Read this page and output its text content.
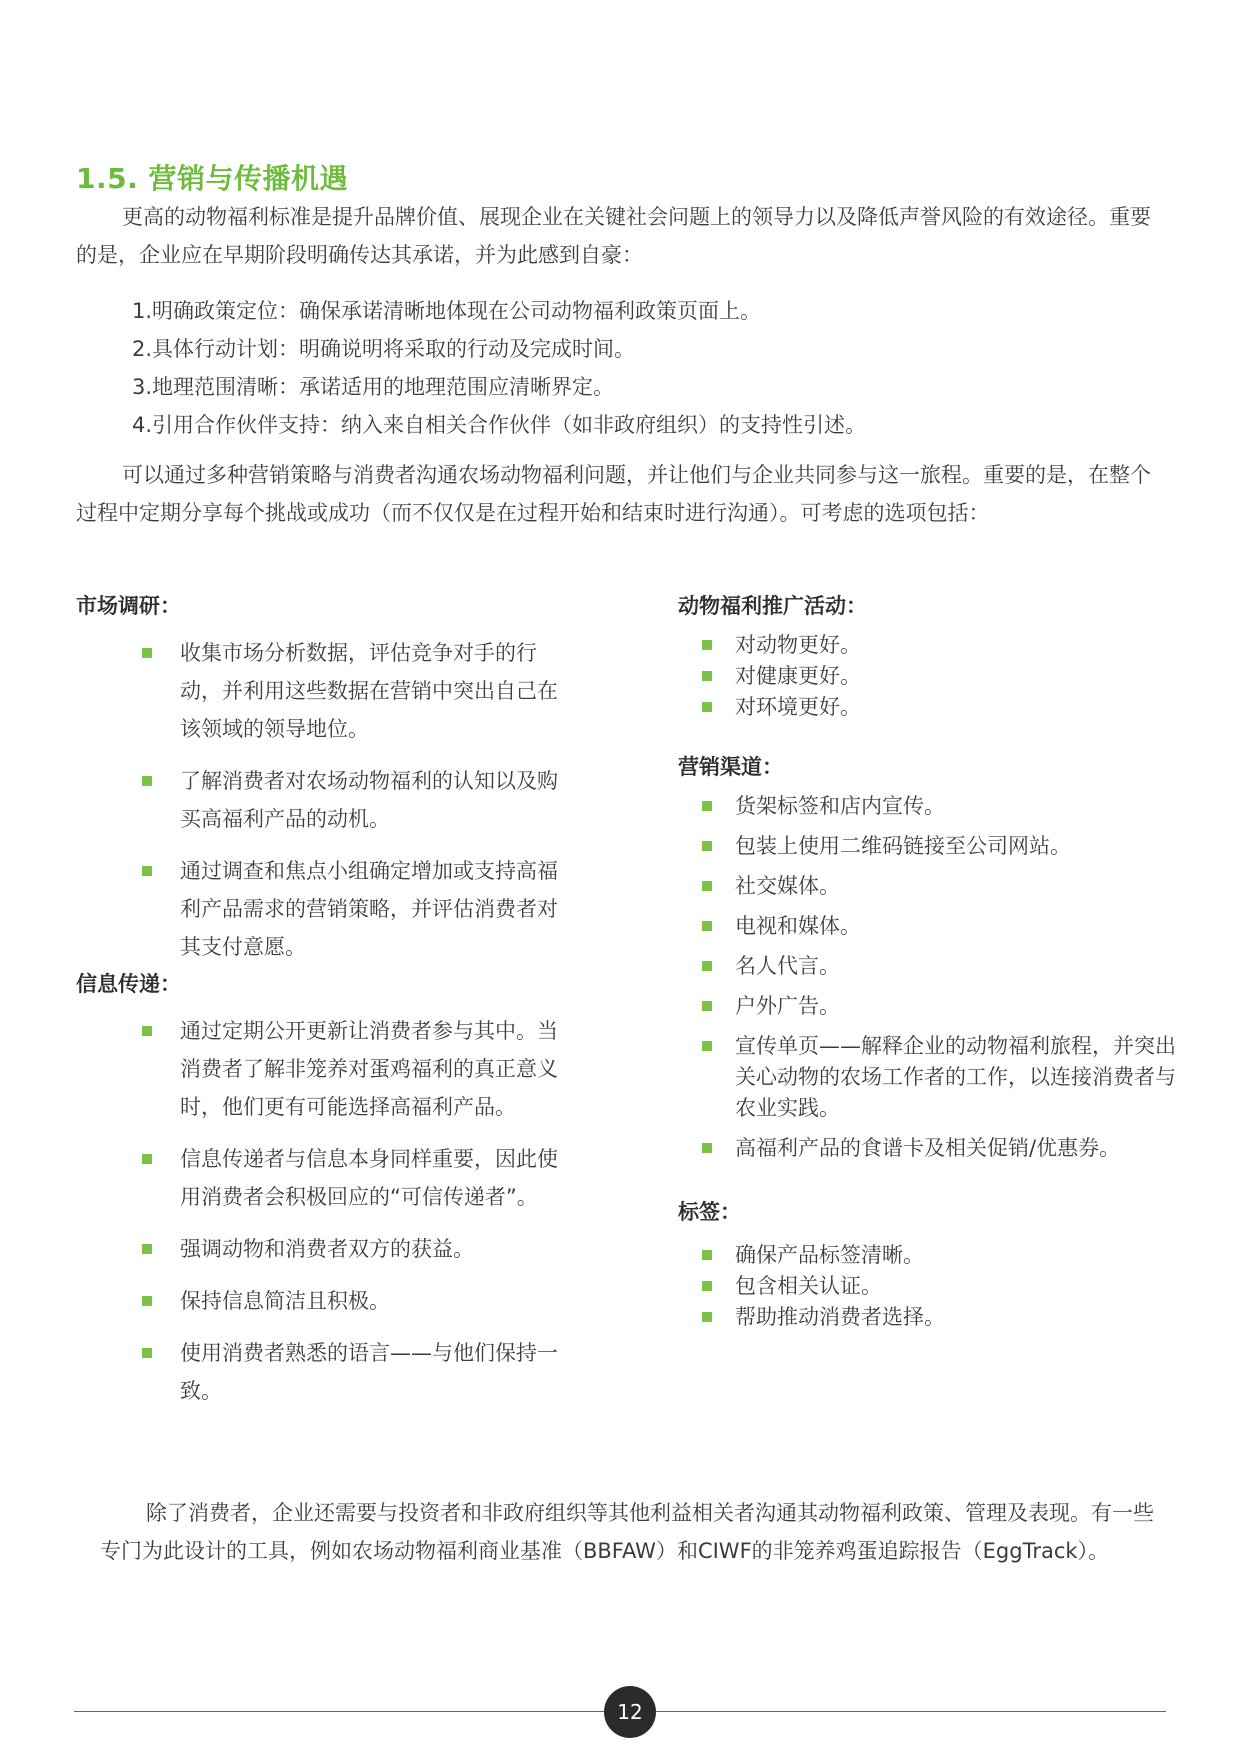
1.5. 营销与传播机遇

更高的动物福利标准是提升品牌价值、展现企业在关键社会问题上的领导力以及降低声誉风险的有效途径。重要的是，企业应在早期阶段明确传达其承诺，并为此感到自豪：

1.明确政策定位：确保承诺清晰地体现在公司动物福利政策页面上。
2.具体行动计划：明确说明将采取的行动及完成时间。
3.地理范围清晰：承诺适用的地理范围应清晰界定。
4.引用合作伙伴支持：纳入来自相关合作伙伴（如非政府组织）的支持性引述。

可以通过多种营销策略与消费者沟通农场动物福利问题，并让他们与企业共同参与这一旅程。重要的是，在整个过程中定期分享每个挑战或成功（而不仅仅是在过程开始和结束时进行沟通）。可考虑的选项包括：

市场调研：
收集市场分析数据，评估竞争对手的行动，并利用这些数据在营销中突出自己在该领域的领导地位。
了解消费者对农场动物福利的认知以及购买高福利产品的动机。
通过调查和焦点小组确定增加或支持高福利产品需求的营销策略，并评估消费者对其支付意愿。
信息传递：
通过定期公开更新让消费者参与其中。当消费者了解非笼养对蛋鸡福利的真正意义时，他们更有可能选择高福利产品。
信息传递者与信息本身同样重要，因此使用消费者会积极回应的“可信传递者”。
强调动物和消费者双方的获益。
保持信息简洁且积极。
使用消费者熟悉的语言——与他们保持一致。
动物福利推广活动：
对动物更好。
对健康更好。
对环境更好。
营销渠道：
货架标签和店内宣传。
包装上使用二维码链接至公司网站。
社交媒体。
电视和媒体。
名人代言。
户外广告。
宣传单页——解释企业的动物福利旅程，并突出关心动物的农场工作者的工作，以连接消费者与农业实践。
高福利产品的食谱卡及相关促销/优惠券。
标签：
确保产品标签清晰。
包含相关认证。
帮助推动消费者选择。

除了消费者，企业还需要与投资者和非政府组织等其他利益相关者沟通其动物福利政策、管理及表现。有一些专门为此设计的工具，例如农场动物福利商业基准（BBFAW）和CIWF的非笼养鸡蛋追踪报告（EggTrack）。

12
